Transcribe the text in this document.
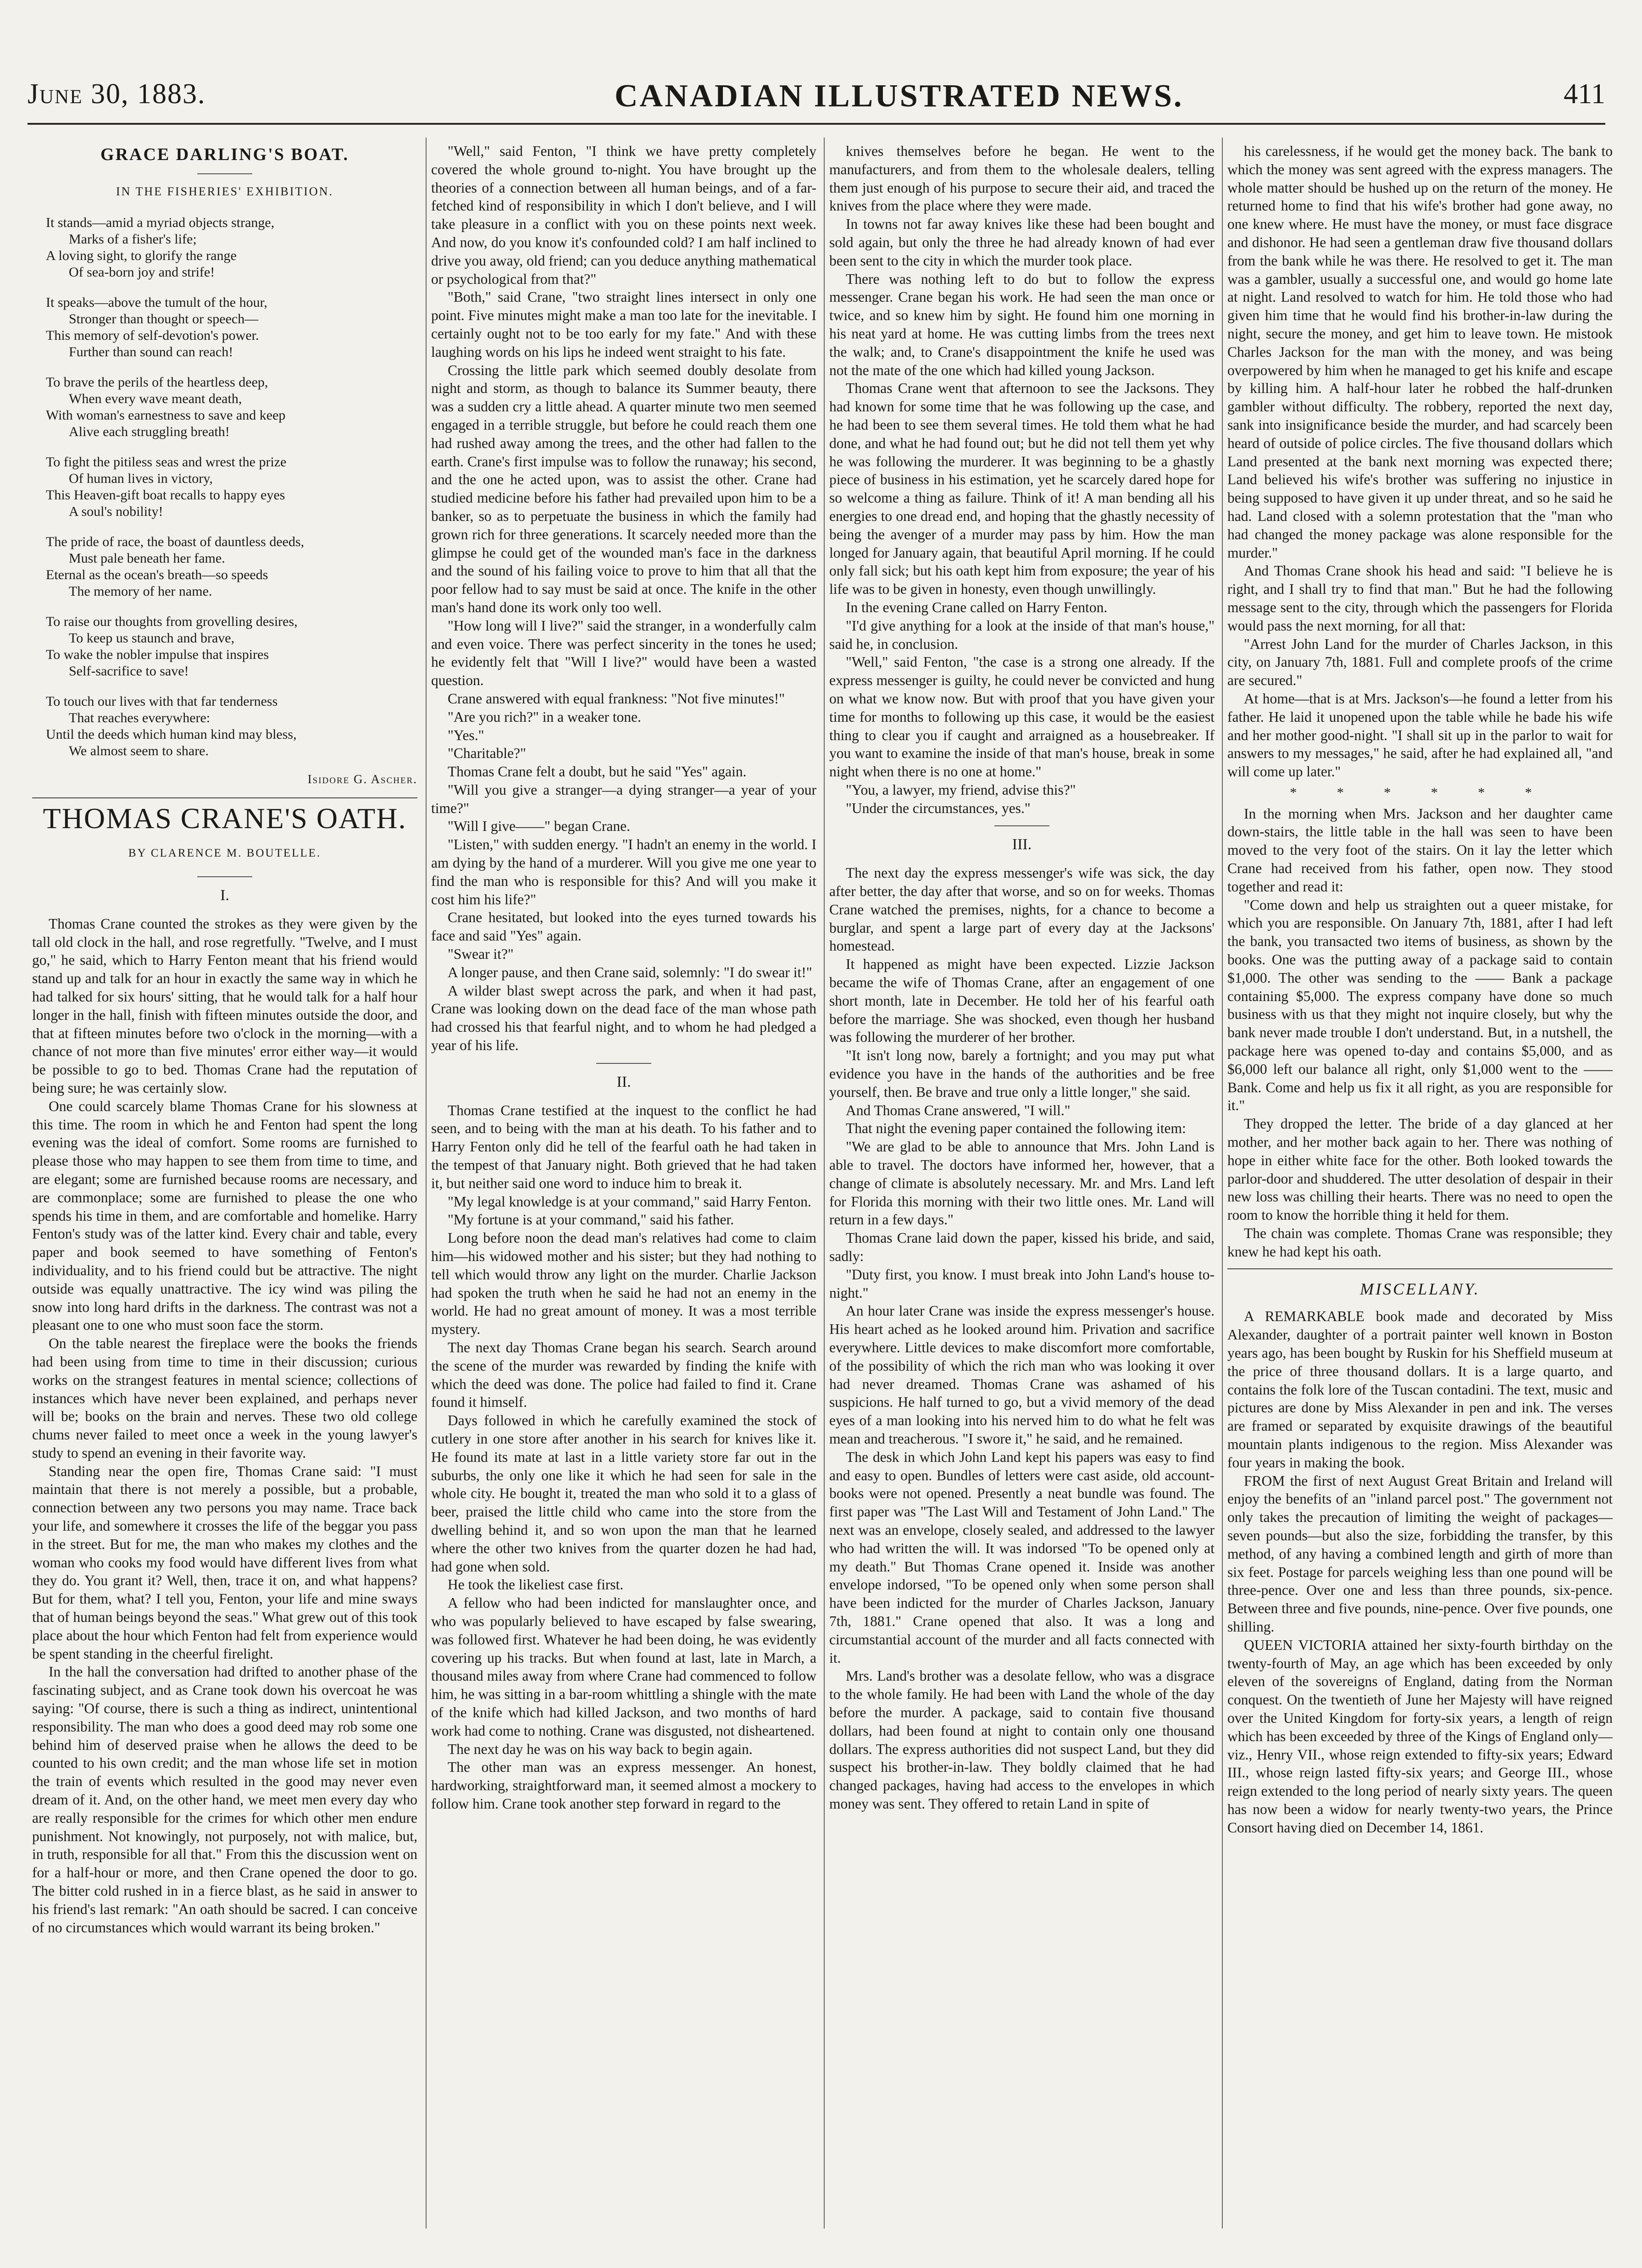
June 30, 1883.	CANADIAN ILLUSTRATED NEWS.	411
GRACE DARLING'S BOAT.
IN THE FISHERIES' EXHIBITION.
It stands—amid a myriad objects strange,
Marks of a fisher's life;
A loving sight, to glorify the range
Of sea-born joy and strife!
It speaks—above the tumult of the hour,
Stronger than thought or speech—
This memory of self-devotion's power.
Further than sound can reach!
To brave the perils of the heartless deep,
When every wave meant death,
With woman's earnestness to save and keep
Alive each struggling breath!
To fight the pitiless seas and wrest the prize
Of human lives in victory,
This Heaven-gift boat recalls to happy eyes
A soul's nobility!
The pride of race, the boast of dauntless deeds,
Must pale beneath her fame.
Eternal as the ocean's breath—so speeds
The memory of her name.
To raise our thoughts from grovelling desires,
To keep us staunch and brave,
To wake the nobler impulse that inspires
Self-sacrifice to save!
To touch our lives with that far tenderness
That reaches everywhere:
Until the deeds which human kind may bless,
We almost seem to share.
Isidore G. Ascher.
THOMAS CRANE'S OATH.
BY CLARENCE M. BOUTELLE.
I.

Thomas Crane counted the strokes as they were given by the tall old clock in the hall, and rose regretfully. "Twelve, and I must go," he said, which to Harry Fenton meant that his friend would stand up and talk for an hour in exactly the same way in which he had talked for six hours' sitting, that he would talk for a half hour longer in the hall, finish with fifteen minutes outside the door, and that at fifteen minutes before two o'clock in the morning—with a chance of not more than five minutes' error either way—it would be possible to go to bed. Thomas Crane had the reputation of being sure; he was certainly slow.

One could scarcely blame Thomas Crane for his slowness at this time. The room in which he and Fenton had spent the long evening was the ideal of comfort. Some rooms are furnished to please those who may happen to see them from time to time, and are elegant; some are furnished because rooms are necessary, and are commonplace; some are furnished to please the one who spends his time in them, and are comfortable and homelike. Harry Fenton's study was of the latter kind. Every chair and table, every paper and book seemed to have something of Fenton's individuality, and to his friend could but be attractive. The night outside was equally unattractive. The icy wind was piling the snow into long hard drifts in the darkness. The contrast was not a pleasant one to one who must soon face the storm.

On the table nearest the fireplace were the books the friends had been using from time to time in their discussion; curious works on the strangest features in mental science; collections of instances which have never been explained, and perhaps never will be; books on the brain and nerves. These two old college chums never failed to meet once a week in the young lawyer's study to spend an evening in their favorite way.

Standing near the open fire, Thomas Crane said: "I must maintain that there is not merely a possible, but a probable, connection between any two persons you may name. Trace back your life, and somewhere it crosses the life of the beggar you pass in the street. But for me, the man who makes my clothes and the woman who cooks my food would have different lives from what they do. You grant it? Well, then, trace it on, and what happens? But for them, what? I tell you, Fenton, your life and mine sways that of human beings beyond the seas." What grew out of this took place about the hour which Fenton had felt from experience would be spent standing in the cheerful firelight.

In the hall the conversation had drifted to another phase of the fascinating subject, and as Crane took down his overcoat he was saying: "Of course, there is such a thing as indirect, unintentional responsibility. The man who does a good deed may rob some one behind him of deserved praise when he allows the deed to be counted to his own credit; and the man whose life set in motion the train of events which resulted in the good may never even dream of it. And, on the other hand, we meet men every day who are really responsible for the crimes for which other men endure punishment. Not knowingly, not purposely, not with malice, but, in truth, responsible for all that." From this the discussion went on for a half-hour or more, and then Crane opened the door to go. The bitter cold rushed in in a fierce blast, as he said in answer to his friend's last remark: "An oath should be sacred. I can conceive of no circumstances which would warrant its being broken."

"Well," said Fenton, "I think we have pretty completely covered the whole ground to-night. You have brought up the theories of a connection between all human beings, and of a far-fetched kind of responsibility in which I don't believe, and I will take pleasure in a conflict with you on these points next week. And now, do you know it's confounded cold? I am half inclined to drive you away, old friend; can you deduce anything mathematical or psychological from that?"

"Both," said Crane, "two straight lines intersect in only one point. Five minutes might make a man too late for the inevitable. I certainly ought not to be too early for my fate." And with these laughing words on his lips he indeed went straight to his fate.

Crossing the little park which seemed doubly desolate from night and storm, as though to balance its Summer beauty, there was a sudden cry a little ahead. A quarter minute two men seemed engaged in a terrible struggle, but before he could reach them one had rushed away among the trees, and the other had fallen to the earth. Crane's first impulse was to follow the runaway; his second, and the one he acted upon, was to assist the other. Crane had studied medicine before his father had prevailed upon him to be a banker, so as to perpetuate the business in which the family had grown rich for three generations. It scarcely needed more than the glimpse he could get of the wounded man's face in the darkness and the sound of his failing voice to prove to him that all that the poor fellow had to say must be said at once. The knife in the other man's hand done its work only too well.

"How long will I live?" said the stranger, in a wonderfully calm and even voice. There was perfect sincerity in the tones he used; he evidently felt that "Will I live?" would have been a wasted question.

Crane answered with equal frankness: "Not five minutes!"

"Are you rich?" in a weaker tone.

"Yes."

"Charitable?"

Thomas Crane felt a doubt, but he said "Yes" again.

"Will you give a stranger—a dying stranger—a year of your time?"

"Will I give——" began Crane.

"Listen," with sudden energy. "I hadn't an enemy in the world. I am dying by the hand of a murderer. Will you give me one year to find the man who is responsible for this? And will you make it cost him his life?"

Crane hesitated, but looked into the eyes turned towards his face and said "Yes" again.

"Swear it?"

A longer pause, and then Crane said, solemnly: "I do swear it!"

A wilder blast swept across the park, and when it had past, Crane was looking down on the dead face of the man whose path had crossed his that fearful night, and to whom he had pledged a year of his life.

II.

Thomas Crane testified at the inquest to the conflict he had seen, and to being with the man at his death. To his father and to Harry Fenton only did he tell of the fearful oath he had taken in the tempest of that January night. Both grieved that he had taken it, but neither said one word to induce him to break it.

"My legal knowledge is at your command," said Harry Fenton.

"My fortune is at your command," said his father.

Long before noon the dead man's relatives had come to claim him—his widowed mother and his sister; but they had nothing to tell which would throw any light on the murder. Charlie Jackson had spoken the truth when he said he had not an enemy in the world. He had no great amount of money. It was a most terrible mystery.

The next day Thomas Crane began his search. Search around the scene of the murder was rewarded by finding the knife with which the deed was done. The police had failed to find it. Crane found it himself.

Days followed in which he carefully examined the stock of cutlery in one store after another in his search for knives like it. He found its mate at last in a little variety store far out in the suburbs, the only one like it which he had seen for sale in the whole city. He bought it, treated the man who sold it to a glass of beer, praised the little child who came into the store from the dwelling behind it, and so won upon the man that he learned where the other two knives from the quarter dozen he had had, had gone when sold.

He took the likeliest case first.

A fellow who had been indicted for manslaughter once, and who was popularly believed to have escaped by false swearing, was followed first. Whatever he had been doing, he was evidently covering up his tracks. But when found at last, late in March, a thousand miles away from where Crane had commenced to follow him, he was sitting in a bar-room whittling a shingle with the mate of the knife which had killed Jackson, and two months of hard work had come to nothing. Crane was disgusted, not disheartened.

The next day he was on his way back to begin again.

The other man was an express messenger. An honest, hardworking, straightforward man, it seemed almost a mockery to follow him. Crane took another step forward in regard to the

knives themselves before he began. He went to the manufacturers, and from them to the wholesale dealers, telling them just enough of his purpose to secure their aid, and traced the knives from the place where they were made.

In towns not far away knives like these had been bought and sold again, but only the three he had already known of had ever been sent to the city in which the murder took place.

There was nothing left to do but to follow the express messenger. Crane began his work. He had seen the man once or twice, and so knew him by sight. He found him one morning in his neat yard at home. He was cutting limbs from the trees next the walk; and, to Crane's disappointment the knife he used was not the mate of the one which had killed young Jackson.

Thomas Crane went that afternoon to see the Jacksons. They had known for some time that he was following up the case, and he had been to see them several times. He told them what he had done, and what he had found out; but he did not tell them yet why he was following the murderer. It was beginning to be a ghastly piece of business in his estimation, yet he scarcely dared hope for so welcome a thing as failure. Think of it! A man bending all his energies to one dread end, and hoping that the ghastly necessity of being the avenger of a murder may pass by him. How the man longed for January again, that beautiful April morning. If he could only fall sick; but his oath kept him from exposure; the year of his life was to be given in honesty, even though unwillingly.

In the evening Crane called on Harry Fenton.

"I'd give anything for a look at the inside of that man's house," said he, in conclusion.

"Well," said Fenton, "the case is a strong one already. If the express messenger is guilty, he could never be convicted and hung on what we know now. But with proof that you have given your time for months to following up this case, it would be the easiest thing to clear you if caught and arraigned as a housebreaker. If you want to examine the inside of that man's house, break in some night when there is no one at home."

"You, a lawyer, my friend, advise this?"

"Under the circumstances, yes."

III.

The next day the express messenger's wife was sick, the day after better, the day after that worse, and so on for weeks. Thomas Crane watched the premises, nights, for a chance to become a burglar, and spent a large part of every day at the Jacksons' homestead.

It happened as might have been expected. Lizzie Jackson became the wife of Thomas Crane, after an engagement of one short month, late in December. He told her of his fearful oath before the marriage. She was shocked, even though her husband was following the murderer of her brother.

"It isn't long now, barely a fortnight; and you may put what evidence you have in the hands of the authorities and be free yourself, then. Be brave and true only a little longer," she said.

And Thomas Crane answered, "I will."

That night the evening paper contained the following item:

"We are glad to be able to announce that Mrs. John Land is able to travel. The doctors have informed her, however, that a change of climate is absolutely necessary. Mr. and Mrs. Land left for Florida this morning with their two little ones. Mr. Land will return in a few days."

Thomas Crane laid down the paper, kissed his bride, and said, sadly:

"Duty first, you know. I must break into John Land's house to-night."

An hour later Crane was inside the express messenger's house. His heart ached as he looked around him. Privation and sacrifice everywhere. Little devices to make discomfort more comfortable, of the possibility of which the rich man who was looking it over had never dreamed. Thomas Crane was ashamed of his suspicions. He half turned to go, but a vivid memory of the dead eyes of a man looking into his nerved him to do what he felt was mean and treacherous. "I swore it," he said, and he remained.

The desk in which John Land kept his papers was easy to find and easy to open. Bundles of letters were cast aside, old account-books were not opened. Presently a neat bundle was found. The first paper was "The Last Will and Testament of John Land." The next was an envelope, closely sealed, and addressed to the lawyer who had written the will. It was indorsed "To be opened only at my death." But Thomas Crane opened it. Inside was another envelope indorsed, "To be opened only when some person shall have been indicted for the murder of Charles Jackson, January 7th, 1881." Crane opened that also. It was a long and circumstantial account of the murder and all facts connected with it.

Mrs. Land's brother was a desolate fellow, who was a disgrace to the whole family. He had been with Land the whole of the day before the murder. A package, said to contain five thousand dollars, had been found at night to contain only one thousand dollars. The express authorities did not suspect Land, but they did suspect his brother-in-law. They boldly claimed that he had changed packages, having had access to the envelopes in which money was sent. They offered to retain Land in spite of

his carelessness, if he would get the money back. The bank to which the money was sent agreed with the express managers. The whole matter should be hushed up on the return of the money. He returned home to find that his wife's brother had gone away, no one knew where. He must have the money, or must face disgrace and dishonor. He had seen a gentleman draw five thousand dollars from the bank while he was there. He resolved to get it. The man was a gambler, usually a successful one, and would go home late at night. Land resolved to watch for him. He told those who had given him time that he would find his brother-in-law during the night, secure the money, and get him to leave town. He mistook Charles Jackson for the man with the money, and was being overpowered by him when he managed to get his knife and escape by killing him. A half-hour later he robbed the half-drunken gambler without difficulty. The robbery, reported the next day, sank into insignificance beside the murder, and had scarcely been heard of outside of police circles. The five thousand dollars which Land presented at the bank next morning was expected there; Land believed his wife's brother was suffering no injustice in being supposed to have given it up under threat, and so he said he had. Land closed with a solemn protestation that the "man who had changed the money package was alone responsible for the murder."

And Thomas Crane shook his head and said: "I believe he is right, and I shall try to find that man." But he had the following message sent to the city, through which the passengers for Florida would pass the next morning, for all that:

"Arrest John Land for the murder of Charles Jackson, in this city, on January 7th, 1881. Full and complete proofs of the crime are secured."

At home—that is at Mrs. Jackson's—he found a letter from his father. He laid it unopened upon the table while he bade his wife and her mother good-night. "I shall sit up in the parlor to wait for answers to my messages," he said, after he had explained all, "and will come up later."

* * * * * *

In the morning when Mrs. Jackson and her daughter came down-stairs, the little table in the hall was seen to have been moved to the very foot of the stairs. On it lay the letter which Crane had received from his father, open now. They stood together and read it:

"Come down and help us straighten out a queer mistake, for which you are responsible. On January 7th, 1881, after I had left the bank, you transacted two items of business, as shown by the books. One was the putting away of a package said to contain $1,000. The other was sending to the —— Bank a package containing $5,000. The express company have done so much business with us that they might not inquire closely, but why the bank never made trouble I don't understand. But, in a nutshell, the package here was opened to-day and contains $5,000, and as $6,000 left our balance all right, only $1,000 went to the —— Bank. Come and help us fix it all right, as you are responsible for it."

They dropped the letter. The bride of a day glanced at her mother, and her mother back again to her. There was nothing of hope in either white face for the other. Both looked towards the parlor-door and shuddered. The utter desolation of despair in their new loss was chilling their hearts. There was no need to open the room to know the horrible thing it held for them.

The chain was complete. Thomas Crane was responsible; they knew he had kept his oath.

MISCELLANY.

A REMARKABLE book made and decorated by Miss Alexander, daughter of a portrait painter well known in Boston years ago, has been bought by Ruskin for his Sheffield museum at the price of three thousand dollars. It is a large quarto, and contains the folk lore of the Tuscan contadini. The text, music and pictures are done by Miss Alexander in pen and ink. The verses are framed or separated by exquisite drawings of the beautiful mountain plants indigenous to the region. Miss Alexander was four years in making the book.

FROM the first of next August Great Britain and Ireland will enjoy the benefits of an "inland parcel post." The government not only takes the precaution of limiting the weight of packages—seven pounds—but also the size, forbidding the transfer, by this method, of any having a combined length and girth of more than six feet. Postage for parcels weighing less than one pound will be three-pence. Over one and less than three pounds, six-pence. Between three and five pounds, nine-pence. Over five pounds, one shilling.

QUEEN VICTORIA attained her sixty-fourth birthday on the twenty-fourth of May, an age which has been exceeded by only eleven of the sovereigns of England, dating from the Norman conquest. On the twentieth of June her Majesty will have reigned over the United Kingdom for forty-six years, a length of reign which has been exceeded by three of the Kings of England only—viz., Henry VII., whose reign extended to fifty-six years; Edward III., whose reign lasted fifty-six years; and George III., whose reign extended to the long period of nearly sixty years. The queen has now been a widow for nearly twenty-two years, the Prince Consort having died on December 14, 1861.
